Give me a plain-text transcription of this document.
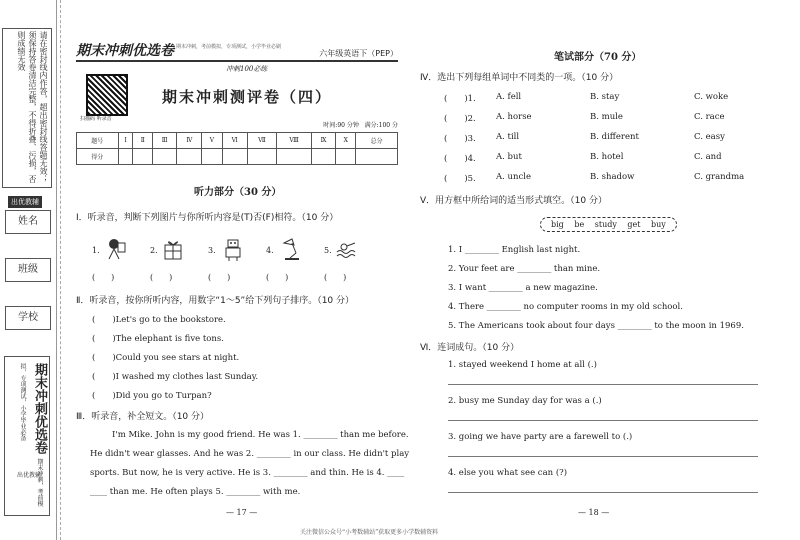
请在密封线内作答，超出密封线答题无效；须保持答卷清洁完整，不得折叠、污损，否则成绩无效
出优教辅
姓名
班级
学校
期末冲刺优选卷 期末冲刺，考前模拟，专项测试，小学毕业必备
出优教辅
期末冲刺优选卷 期末冲刺，考前模拟，专项测试，小学毕业必刷
六年级英语下（PEP）
冲刺100必练
扫描码 听录音
期末冲刺测评卷（四）
时间:90 分钟 满分:100 分
题号	Ⅰ	Ⅱ	Ⅲ	Ⅳ	Ⅴ	Ⅵ	Ⅶ	Ⅷ	Ⅸ	Ⅹ	总分
得分											
听力部分（30 分）
Ⅰ．听录音，判断下列图片与你所听内容是(T)否(F)相符。（10 分）
1.	2.	3.	4.	5.
(　　)	(　　)	(　　)	(　　)	(　　)
Ⅱ．听录音，按你所听内容，用数字“1～5”给下列句子排序。（10 分）
(　　)Let's go to the bookstore.
(　　)The elephant is five tons.
(　　)Could you see stars at night.
(　　)I washed my clothes last Sunday.
(　　)Did you go to Turpan?
Ⅲ．听录音，补全短文。（10 分）
I'm Mike. John is my good friend. He was 1. ________ than me before.
He didn't wear glasses. And he was 2. ________ in our class. He didn't play
sports. But now, he is very active. He is 3. ________ and thin. He is 4. ____
____ than me. He often plays 5. ________ with me.
— 17 —
笔试部分（70 分）
Ⅳ．选出下列每组单词中不同类的一项。（10 分）
(　　)1. A. fell	B. stay	C. woke
(　　)2. A. horse	B. mule	C. race
(　　)3. A. till	B. different	C. easy
(　　)4. A. but	B. hotel	C. and
(　　)5. A. uncle	B. shadow	C. grandma
Ⅴ．用方框中所给词的适当形式填空。（10 分）
big be study get buy
1. I ________ English last night.
2. Your feet are ________ than mine.
3. I want ________ a new magazine.
4. There ________ no computer rooms in my old school.
5. The Americans took about four days ________ to the moon in 1969.
Ⅵ．连词成句。（10 分）
1. stayed weekend I home at all (.)
2. busy me Sunday day for was a (.)
3. going we have party are a farewell to (.)
4. else you what see can (?)
— 18 —
关注微信公众号“小考数辅站”获取更多小学数辅资料
